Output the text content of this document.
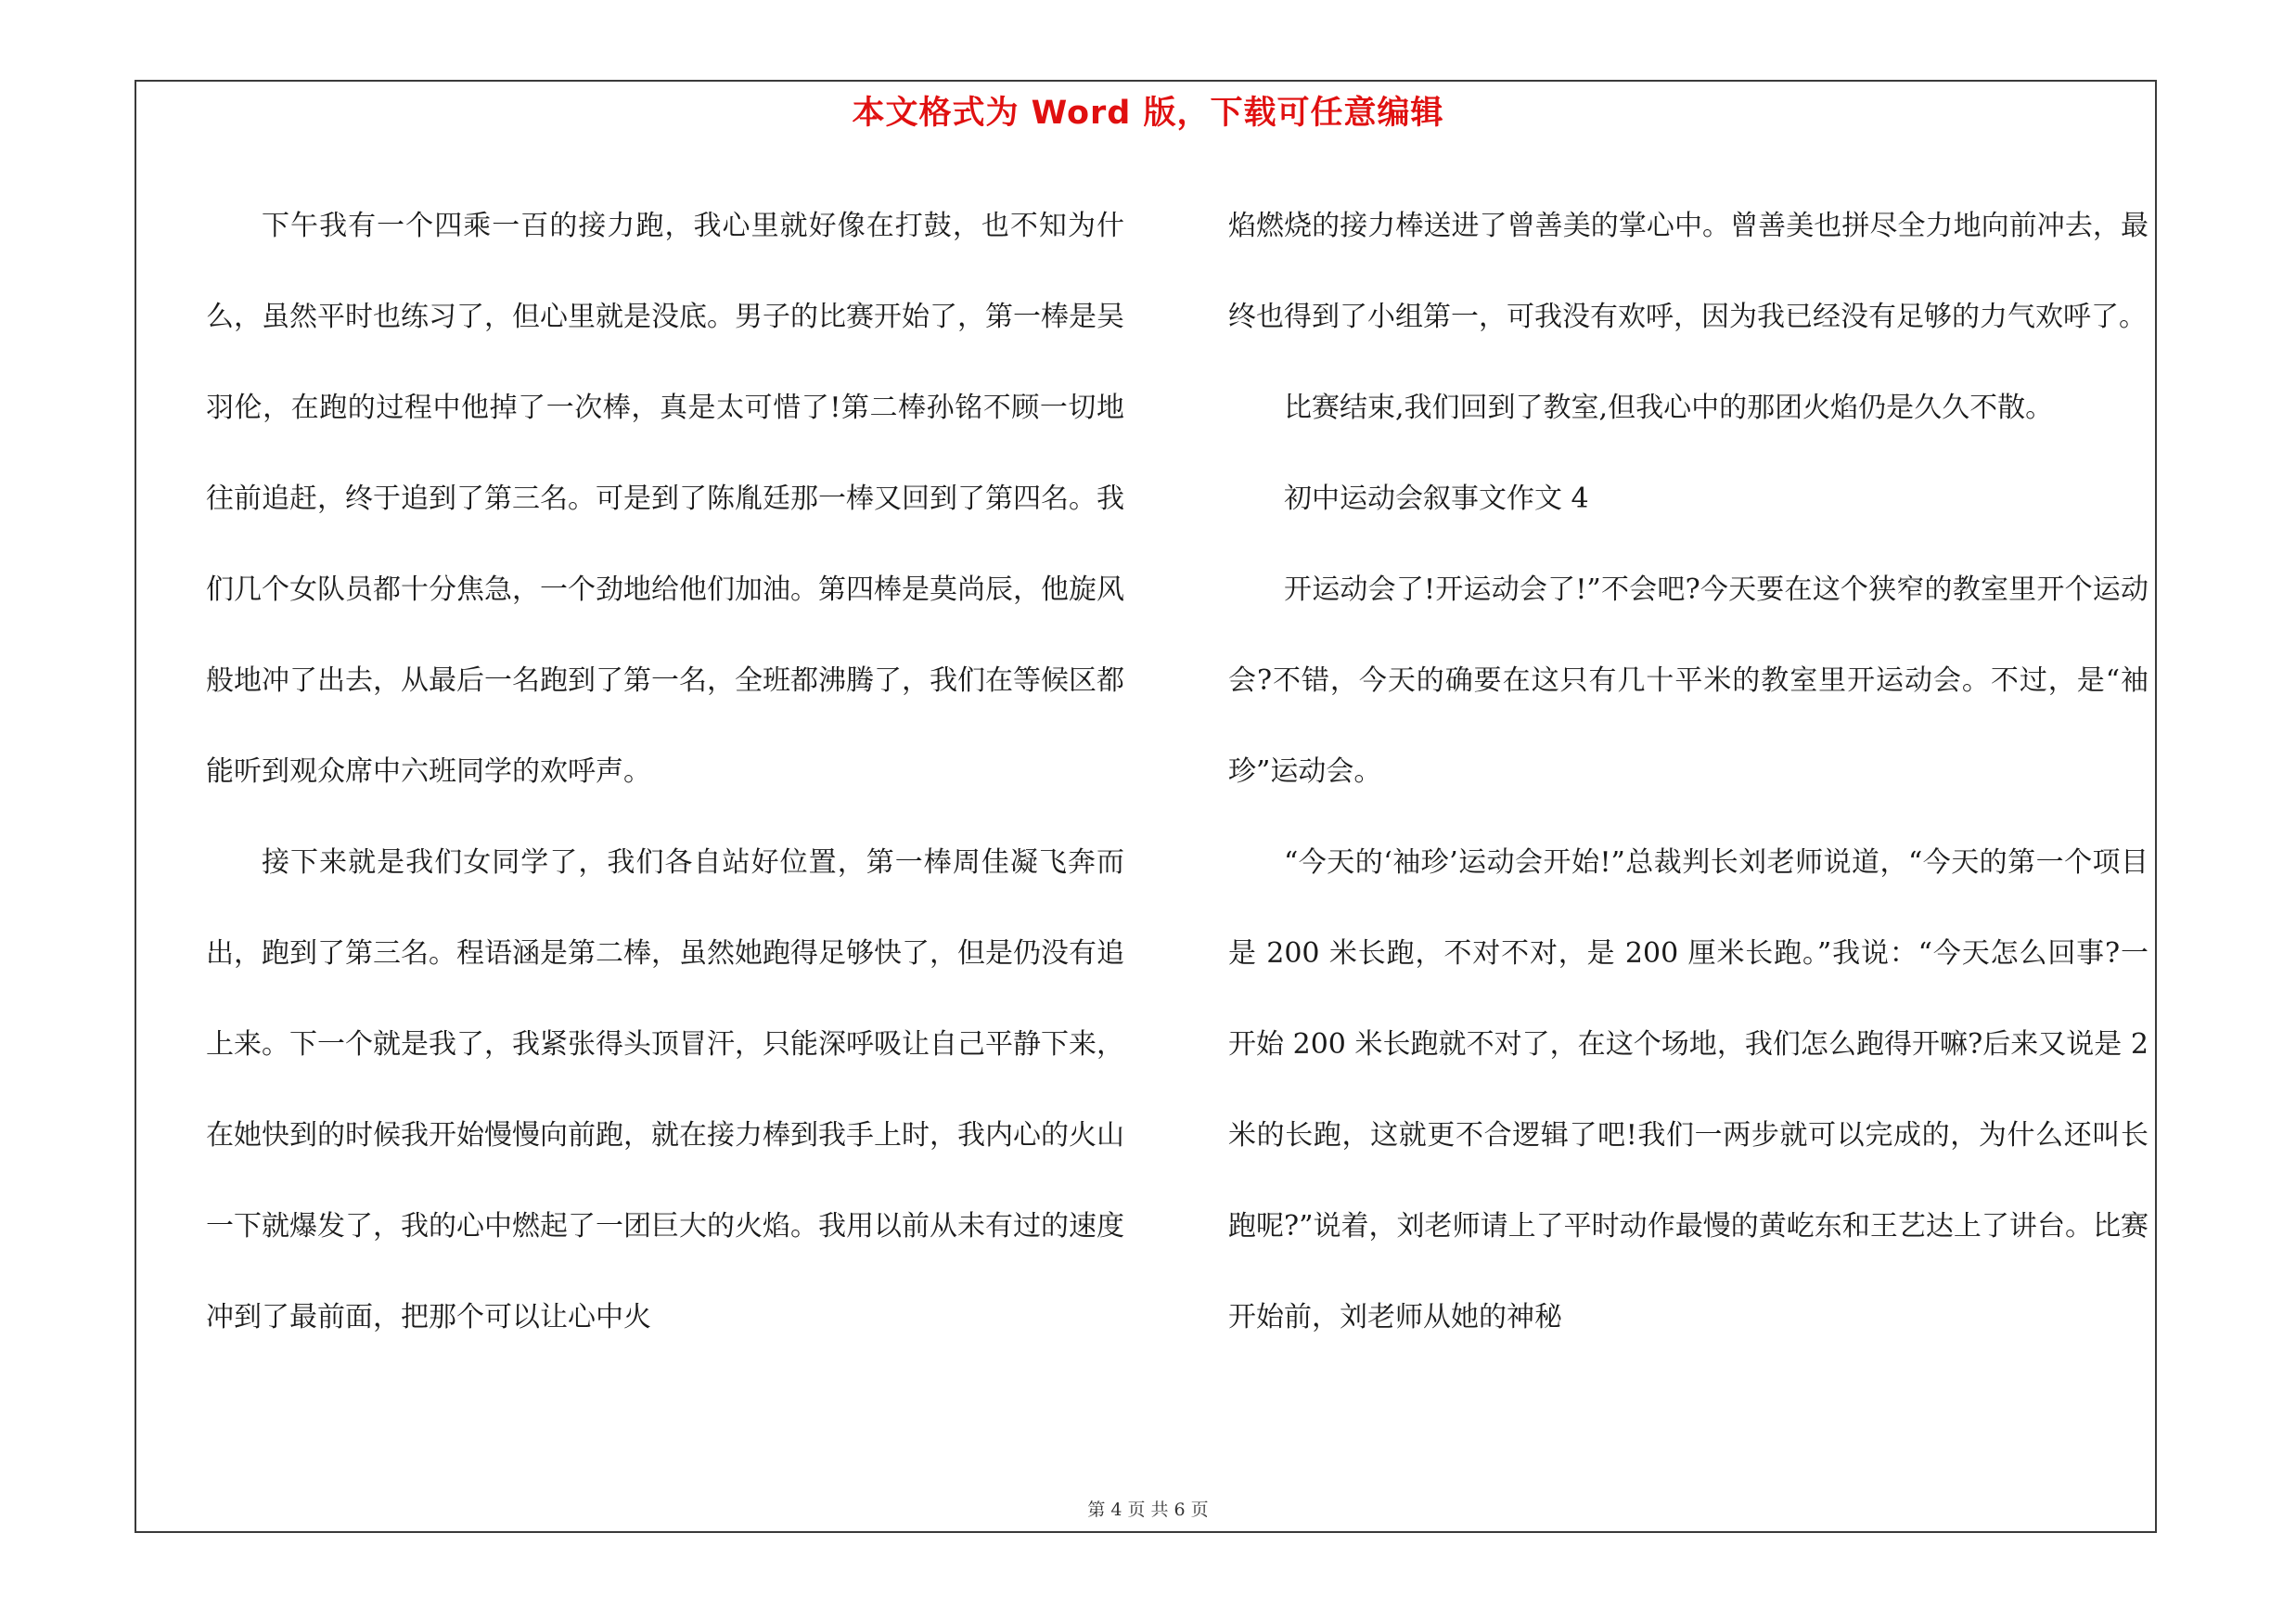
本文格式为 Word 版，下载可任意编辑

下午我有一个四乘一百的接力跑，我心里就好像在打鼓，也不知为什么，虽然平时也练习了，但心里就是没底。男子的比赛开始了，第一棒是吴羽伦，在跑的过程中他掉了一次棒，真是太可惜了!第二棒孙铭不顾一切地往前追赶，终于追到了第三名。可是到了陈胤廷那一棒又回到了第四名。我们几个女队员都十分焦急，一个劲地给他们加油。第四棒是莫尚辰，他旋风般地冲了出去，从最后一名跑到了第一名，全班都沸腾了，我们在等候区都能听到观众席中六班同学的欢呼声。

接下来就是我们女同学了，我们各自站好位置，第一棒周佳凝飞奔而出，跑到了第三名。程语涵是第二棒，虽然她跑得足够快了，但是仍没有追上来。下一个就是我了，我紧张得头顶冒汗，只能深呼吸让自己平静下来，在她快到的时候我开始慢慢向前跑，就在接力棒到我手上时，我内心的火山一下就爆发了，我的心中燃起了一团巨大的火焰。我用以前从未有过的速度冲到了最前面，把那个可以让心中火

焰燃烧的接力棒送进了曾善美的掌心中。曾善美也拼尽全力地向前冲去，最终也得到了小组第一，可我没有欢呼，因为我已经没有足够的力气欢呼了。

比赛结束,我们回到了教室,但我心中的那团火焰仍是久久不散。

初中运动会叙事文作文 4

开运动会了!开运动会了!”不会吧?今天要在这个狭窄的教室里开个运动会?不错，今天的确要在这只有几十平米的教室里开运动会。不过，是“袖珍”运动会。

“今天的‘袖珍’运动会开始!”总裁判长刘老师说道，“今天的第一个项目是 200 米长跑，不对不对，是 200 厘米长跑。”我说：“今天怎么回事?一开始 200 米长跑就不对了，在这个场地，我们怎么跑得开嘛?后来又说是 2 米的长跑，这就更不合逻辑了吧!我们一两步就可以完成的，为什么还叫长跑呢?”说着，刘老师请上了平时动作最慢的黄屹东和王艺达上了讲台。比赛开始前，刘老师从她的神秘

第 4 页 共 6 页
